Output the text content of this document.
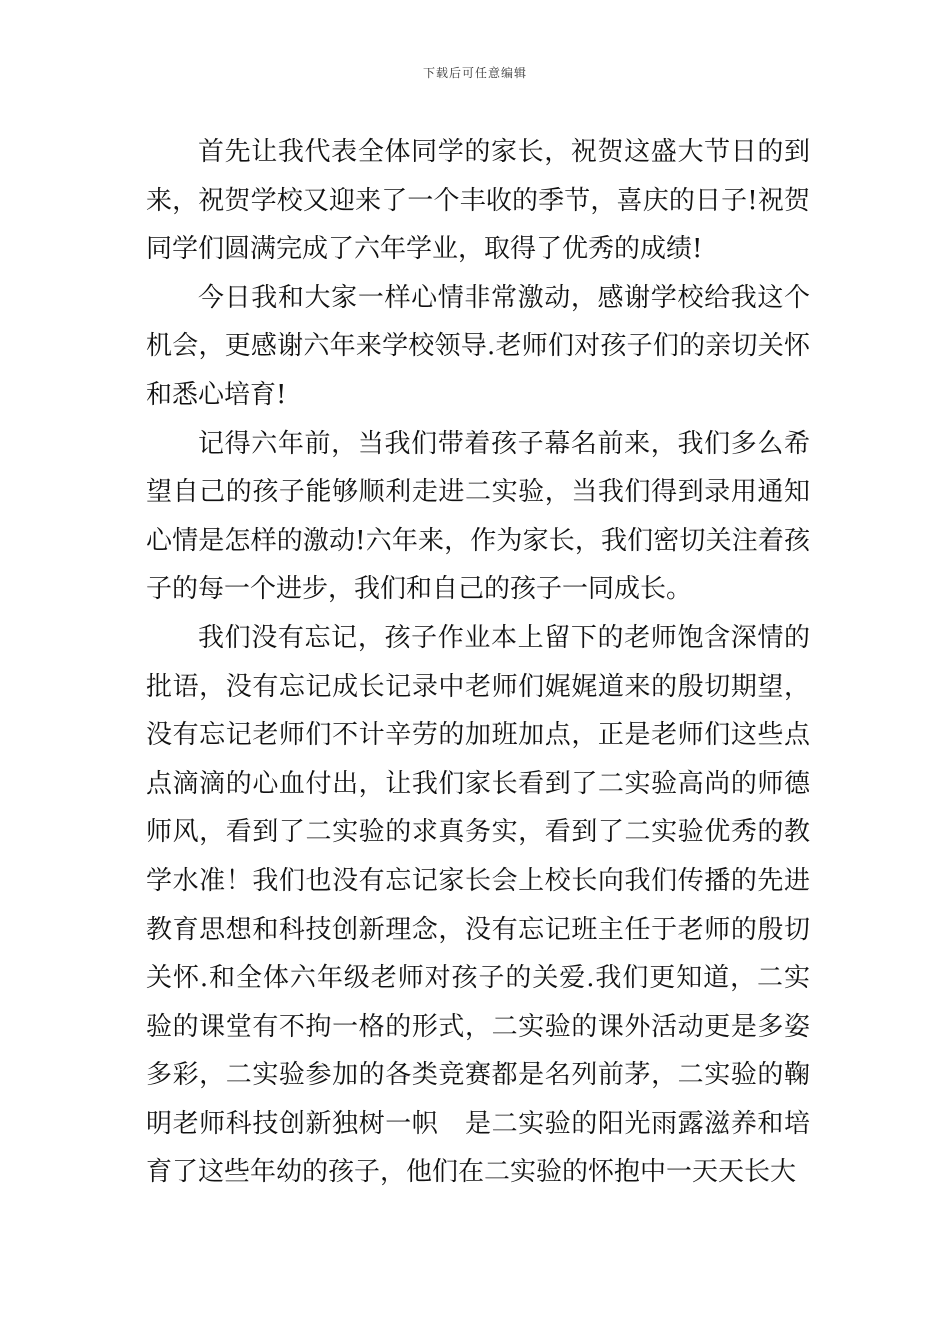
下载后可任意编辑

首先让我代表全体同学的家长，祝贺这盛大节日的到来，祝贺学校又迎来了一个丰收的季节，喜庆的日子!祝贺同学们圆满完成了六年学业，取得了优秀的成绩!

今日我和大家一样心情非常激动，感谢学校给我这个机会，更感谢六年来学校领导.老师们对孩子们的亲切关怀和悉心培育!

记得六年前，当我们带着孩子幕名前来，我们多么希望自己的孩子能够顺利走进二实验，当我们得到录用通知心情是怎样的激动!六年来，作为家长，我们密切关注着孩子的每一个进步，我们和自己的孩子一同成长。

我们没有忘记，孩子作业本上留下的老师饱含深情的批语，没有忘记成长记录中老师们娓娓道来的殷切期望，没有忘记老师们不计辛劳的加班加点，正是老师们这些点点滴滴的心血付出，让我们家长看到了二实验高尚的师德师风，看到了二实验的求真务实，看到了二实验优秀的教学水准！我们也没有忘记家长会上校长向我们传播的先进教育思想和科技创新理念，没有忘记班主任于老师的殷切关怀.和全体六年级老师对孩子的关爱.我们更知道，二实验的课堂有不拘一格的形式，二实验的课外活动更是多姿多彩，二实验参加的各类竞赛都是名列前茅，二实验的鞠明老师科技创新独树一帜　是二实验的阳光雨露滋养和培育了这些年幼的孩子，他们在二实验的怀抱中一天天长大
